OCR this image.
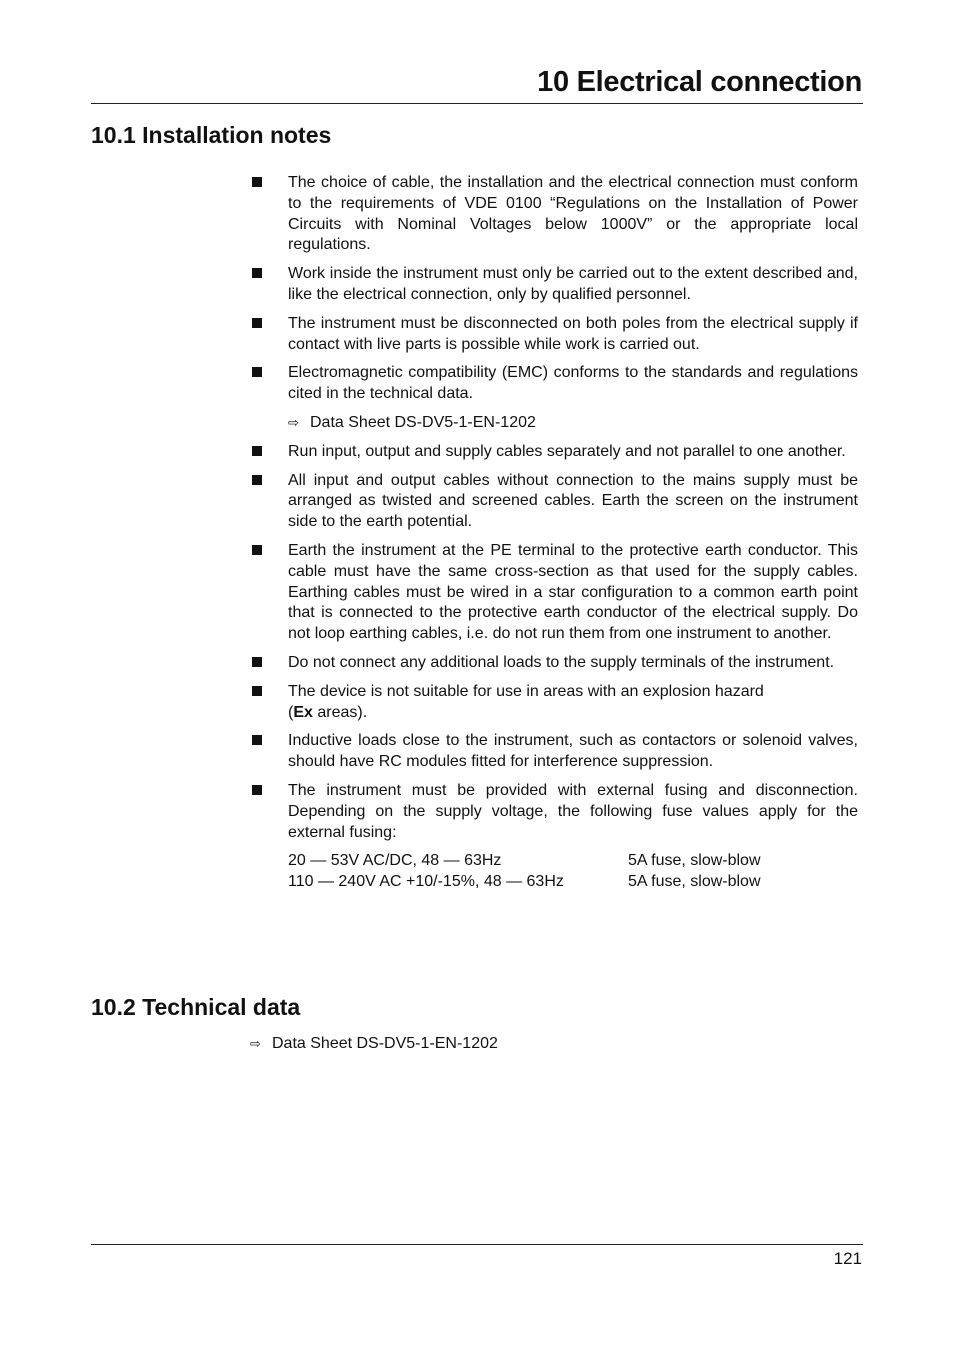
10 Electrical connection
10.1 Installation notes
The choice of cable, the installation and the electrical connection must conform to the requirements of VDE 0100 “Regulations on the Installation of Power Circuits with Nominal Voltages below 1000V” or the appropriate local regulations.
Work inside the instrument must only be carried out to the extent described and, like the electrical connection, only by qualified personnel.
The instrument must be disconnected on both poles from the electrical supply if contact with live parts is possible while work is carried out.
Electromagnetic compatibility (EMC) conforms to the standards and regulations cited in the technical data.
⇨ Data Sheet DS-DV5-1-EN-1202
Run input, output and supply cables separately and not parallel to one another.
All input and output cables without connection to the mains supply must be arranged as twisted and screened cables. Earth the screen on the instrument side to the earth potential.
Earth the instrument at the PE terminal to the protective earth conductor. This cable must have the same cross-section as that used for the supply cables. Earthing cables must be wired in a star configuration to a common earth point that is connected to the protective earth conductor of the electrical supply. Do not loop earthing cables, i.e. do not run them from one instrument to another.
Do not connect any additional loads to the supply terminals of the instrument.
The device is not suitable for use in areas with an explosion hazard
(Ex areas).
Inductive loads close to the instrument, such as contactors or solenoid valves, should have RC modules fitted for interference suppression.
The instrument must be provided with external fusing and disconnection. Depending on the supply voltage, the following fuse values apply for the external fusing:
20 — 53V AC/DC, 48 — 63Hz	5A fuse, slow-blow
110 — 240V AC +10/-15%, 48 — 63Hz	5A fuse, slow-blow
10.2 Technical data
⇨ Data Sheet DS-DV5-1-EN-1202
121
